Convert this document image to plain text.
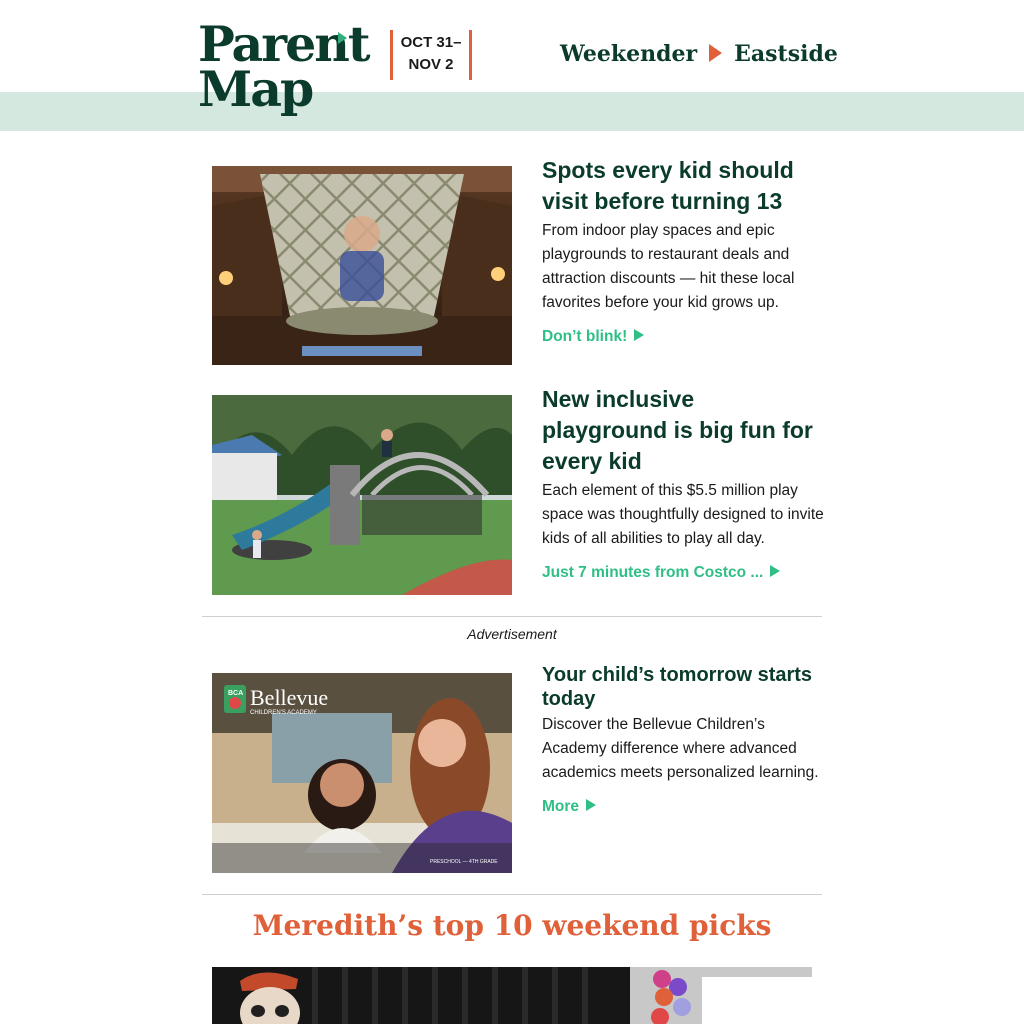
Parent
Map
OCT 31–
NOV 2	Weekender Eastside
Spots every kid should visit before turning 13

From indoor play spaces and epic playgrounds to restaurant deals and attraction discounts — hit these local favorites before your kid grows up.

Don’t blink!
New inclusive playground is big fun for every kid

Each element of this $5.5 million play space was thoughtfully designed to invite kids of all abilities to play all day.

Just 7 minutes from Costco ...
Advertisement
BCA Bellevue
CHILDREN'S ACADEMY
PRESCHOOL — 4TH GRADE
Your child’s tomorrow starts today

Discover the Bellevue Children’s Academy difference where advanced academics meets personalized learning.

More
Meredith’s top 10 weekend picks
